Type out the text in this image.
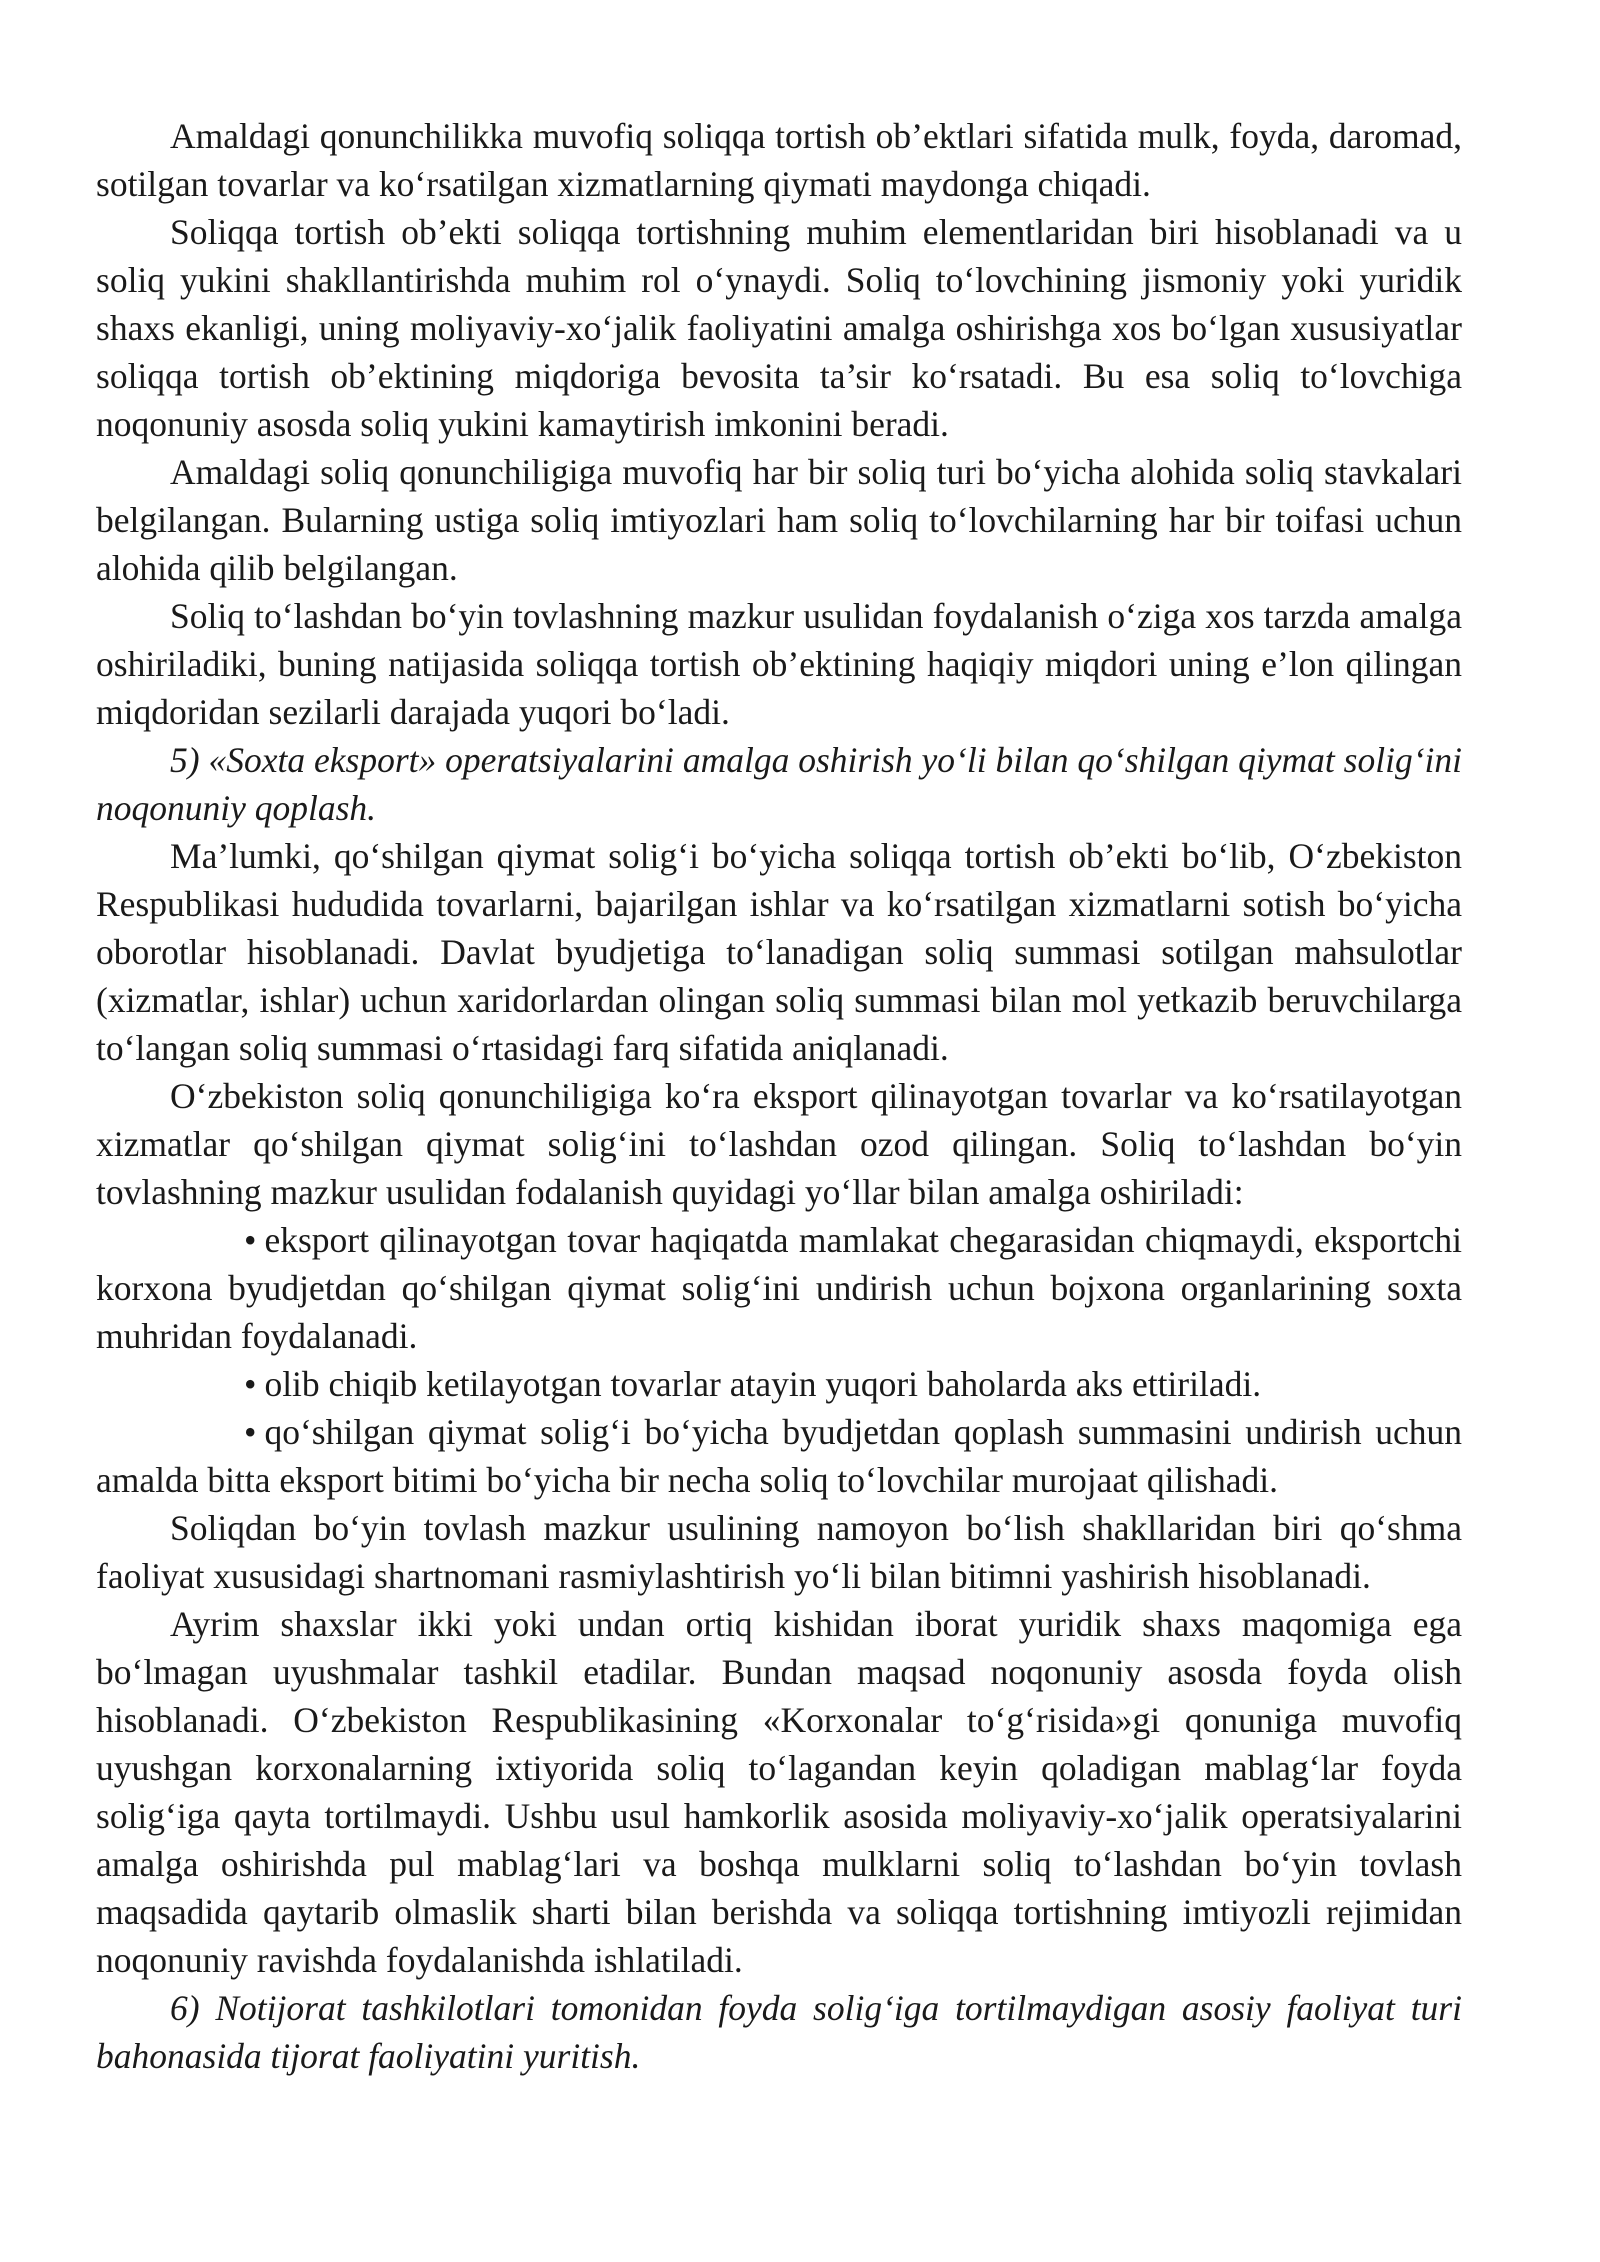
Amaldagi qonunchilikka muvofiq soliqqa tortish ob’ektlari sifatida mulk, foyda, daromad, sotilgan tovarlar va ko‘rsatilgan xizmatlarning qiymati maydonga chiqadi.

Soliqqa tortish ob’ekti soliqqa tortishning muhim elementlaridan biri hisoblanadi va u soliq yukini shakllantirishda muhim rol o‘ynaydi. Soliq to‘lovchining jismoniy yoki yuridik shaxs ekanligi, uning moliyaviy-xo‘jalik faoliyatini amalga oshirishga xos bo‘lgan xususiyatlar soliqqa tortish ob’ektining miqdoriga bevosita ta’sir ko‘rsatadi. Bu esa soliq to‘lovchiga noqonuniy asosda soliq yukini kamaytirish imkonini beradi.

Amaldagi soliq qonunchiligiga muvofiq har bir soliq turi bo‘yicha alohida soliq stavkalari belgilangan. Bularning ustiga soliq imtiyozlari ham soliq to‘lovchilarning har bir toifasi uchun alohida qilib belgilangan.

Soliq to‘lashdan bo‘yin tovlashning mazkur usulidan foydalanish o‘ziga xos tarzda amalga oshiriladiki, buning natijasida soliqqa tortish ob’ektining haqiqiy miqdori uning e’lon qilingan miqdoridan sezilarli darajada yuqori bo‘ladi.

5) «Soxta eksport» operatsiyalarini amalga oshirish yo‘li bilan qo‘shilgan qiymat solig‘ini noqonuniy qoplash.

Ma’lumki, qo‘shilgan qiymat solig‘i bo‘yicha soliqqa tortish ob’ekti bo‘lib, O‘zbekiston Respublikasi hududida tovarlarni, bajarilgan ishlar va ko‘rsatilgan xizmatlarni sotish bo‘yicha oborotlar hisoblanadi. Davlat byudjetiga to‘lanadigan soliq summasi sotilgan mahsulotlar (xizmatlar, ishlar) uchun xaridorlardan olingan soliq summasi bilan mol yetkazib beruvchilarga to‘langan soliq summasi o‘rtasidagi farq sifatida aniqlanadi.

O‘zbekiston soliq qonunchiligiga ko‘ra eksport qilinayotgan tovarlar va ko‘rsatilayotgan xizmatlar qo‘shilgan qiymat solig‘ini to‘lashdan ozod qilingan. Soliq to‘lashdan bo‘yin tovlashning mazkur usulidan fodalanish quyidagi yo‘llar bilan amalga oshiriladi:

• eksport qilinayotgan tovar haqiqatda mamlakat chegarasidan chiqmaydi, eksportchi korxona byudjetdan qo‘shilgan qiymat solig‘ini undirish uchun bojxona organlarining soxta muhridan foydalanadi.

• olib chiqib ketilayotgan tovarlar atayin yuqori baholarda aks ettiriladi.

• qo‘shilgan qiymat solig‘i bo‘yicha byudjetdan qoplash summasini undirish uchun amalda bitta eksport bitimi bo‘yicha bir necha soliq to‘lovchilar murojaat qilishadi.

Soliqdan bo‘yin tovlash mazkur usulining namoyon bo‘lish shakllaridan biri qo‘shma faoliyat xususidagi shartnomani rasmiylashtirish yo‘li bilan bitimni yashirish hisoblanadi.

Ayrim shaxslar ikki yoki undan ortiq kishidan iborat yuridik shaxs maqomiga ega bo‘lmagan uyushmalar tashkil etadilar. Bundan maqsad noqonuniy asosda foyda olish hisoblanadi. O‘zbekiston Respublikasining «Korxonalar to‘g‘risida»gi qonuniga muvofiq uyushgan korxonalarning ixtiyorida soliq to‘lagandan keyin qoladigan mablag‘lar foyda solig‘iga qayta tortilmaydi. Ushbu usul hamkorlik asosida moliyaviy-xo‘jalik operatsiyalarini amalga oshirishda pul mablag‘lari va boshqa mulklarni soliq to‘lashdan bo‘yin tovlash maqsadida qaytarib olmaslik sharti bilan berishda va soliqqa tortishning imtiyozli rejimidan noqonuniy ravishda foydalanishda ishlatiladi.

6) Notijorat tashkilotlari tomonidan foyda solig‘iga tortilmaydigan asosiy faoliyat turi bahonasida tijorat faoliyatini yuritish.
